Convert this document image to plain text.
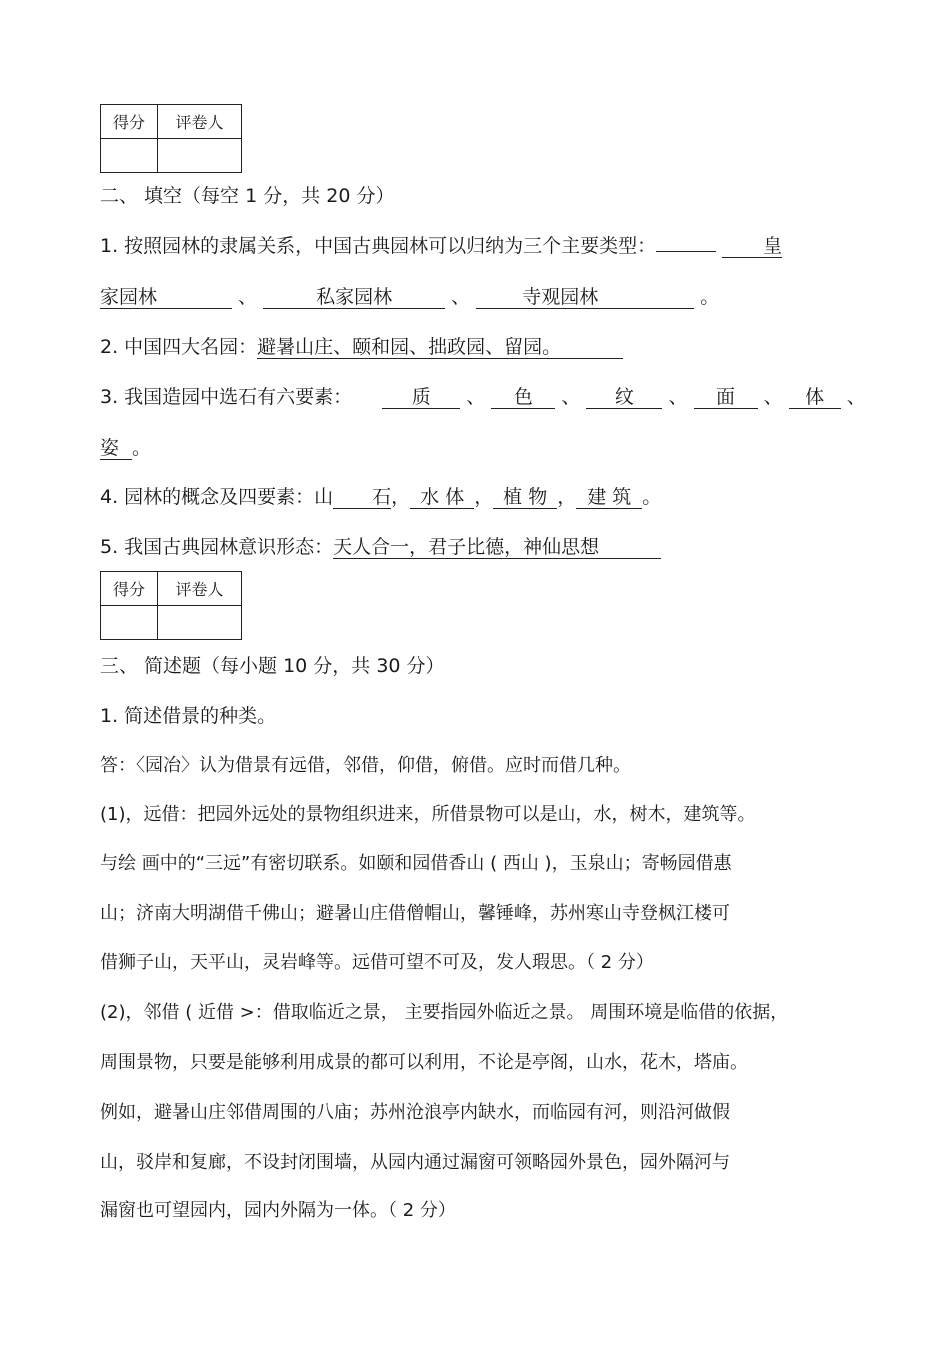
得分	评卷人

二、 填空（每空 1 分，共 20 分）
1. 按照园林的隶属关系，中国古典园林可以归纳为三个主要类型：	皇
家园林	、	私家园林	、	寺观园林	。
2. 中国四大名园：避暑山庄、颐和园、拙政园、留园。
3. 我国造园中选石有六要素：	质 、 色 、 纹 、 面 、 体 、
姿 。
4. 园林的概念及四要素：山 石， 水 体 ， 植 物 ， 建 筑 。
5. 我国古典园林意识形态：天人合一，君子比德，神仙思想
得分	评卷人

三、 简述题（每小题 10 分，共 30 分）
1. 简述借景的种类。
答：〈园冶〉认为借景有远借，邻借，仰借，俯借。应时而借几种。
(1)，远借：把园外远处的景物组织进来，所借景物可以是山，水，树木，建筑等。
与绘 画中的“三远”有密切联系。如颐和园借香山 ( 西山 )，玉泉山；寄畅园借惠
山；济南大明湖借千佛山；避暑山庄借僧帽山，馨锤峰，苏州寒山寺登枫江楼可
借狮子山，天平山，灵岩峰等。远借可望不可及，发人瑕思。（ 2 分）
(2)，邻借 ( 近借 >：借取临近之景， 主要指园外临近之景。 周围环境是临借的依据，
周围景物，只要是能够利用成景的都可以利用，不论是亭阁，山水，花木，塔庙。
例如，避暑山庄邻借周围的八庙；苏州沧浪亭内缺水，而临园有河，则沿河做假
山，驳岸和复廊，不设封闭围墙，从园内通过漏窗可领略园外景色，园外隔河与
漏窗也可望园内，园内外隔为一体。（ 2 分）
